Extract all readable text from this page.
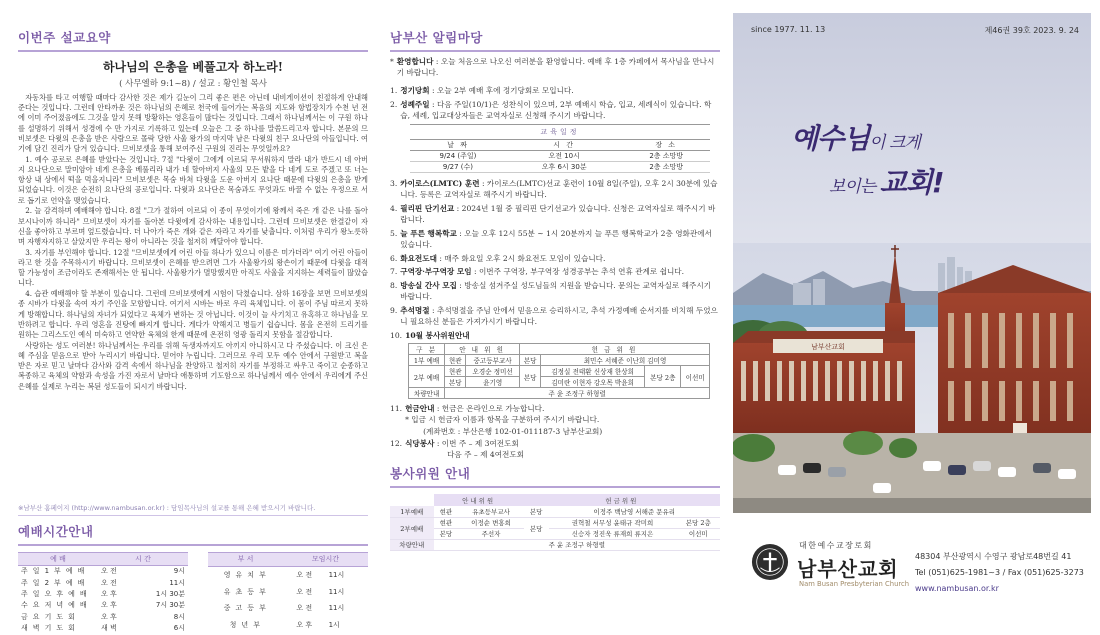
이번주 설교요약
하나님의 은총을 베풀고자 하노라!
( 사무엘하 9:1~8) / 설교 : 황인철 목사

자동차를 타고 여행할 때마다 감사한 것은 제가 길눈이 그리 좋은 편은 아닌데 내비게이션이 친절하게 안내해 준다는 것입니다. 그런데 안타까운 것은 하나님의 은혜로 천국에 들어가는 복음의 지도와 항법장치가 수천 년 전에 이미 주어졌음에도 그것을 알지 못해 방황하는 영혼들이 많다는 것입니다. 그래서 하나님께서는 이 구원 하나를 설명하기 위해서 성경에 수 만 가지로 기록하고 있는데 오늘은 그 중 하나를 말씀드리고자 합니다. 본문의 므비보셋은 다윗의 은총을 받은 사람으로 몰락 당한 사울 왕가의 마지막 남은 다윗의 친구 요나단의 아들입니다. 여기에 담긴 진리가 담겨 있습니다. 므비보셋을 통해 보여주신 구원의 진리는 무엇일까요?

1. 예수 공로로 은혜를 받았다는 것입니다. 7절 "다윗이 그에게 이르되 무서워하지 말라 내가 반드시 네 아버지 요나단으로 말미암아 네게 은총을 베풀리라 내가 네 할아버지 사울의 모든 밭을 다 네게 도로 주겠고 또 너는 항상 내 상에서 떡을 먹을지니라" 므비보셋은 목숨 바쳐 다윗을 도운 아버지 요나단 때문에 다윗의 은총을 받게 되었습니다. 이것은 순전히 요나단의 공로입니다. 다윗과 요나단은 목숨과도 무엇과도 바꿀 수 없는 우정으로 서로 돕기로 언약을 맺었습니다.

2. 늘 감격하며 예배해야 합니다. 8절 "그가 절하여 이르되 이 종이 무엇이기에 왕께서 죽은 개 같은 나를 돌아보시나이까 하니라" 므비보셋이 자기를 돌아본 다윗에게 감사하는 내용입니다. 그런데 므비보셋은 한결같이 자신을 좋아하고 부르며 엎드렸습니다. 더 나아가 죽은 개와 같은 자라고 자기를 낮춥니다. 이처럼 우리가 왕노릇하며 자행자지하고 살았지만 우리는 왕이 아니라는 것을 철저히 깨달아야 합니다.

3. 자기를 부인해야 합니다. 12절 "므비보셋에게 어린 아들 하나가 있으니 이름은 미가더라" 여기 어린 아들이라고 한 것을 주목하시기 바랍니다. 므비보셋이 은혜를 받으려면 그가 사울왕가의 왕손이기 때문에 다윗을 대적할 가능성이 조금이라도 존재해서는 안 됩니다. 사울왕가가 멸망했지만 아직도 사울을 지지하는 세력들이 많았습니다.

4. 습관 예배해야 할 부분이 있습니다. 그런데 므비보셋에게 시험이 닥쳤습니다. 삼하 16장을 보면 므비보셋의 종 시바가 다윗을 속여 자기 주인을 모함합니다. 여기서 시바는 바로 우리 육체입니다. 이 몸이 주님 따르지 못하게 방해합니다. 하나님의 자녀가 되었다고 육체가 변하는 것 아닙니다. 이것이 늘 사기치고 유혹하고 하나님을 모반하려고 합니다. 우리 영혼을 진탕에 빠지게 합니다. 게다가 약해지고 병들기 쉽습니다. 몸을 온전히 드리기를 원하는 그리스도인 예식 미숙하고 연약한 육체의 한계 때문에 온전히 영광 돌리지 못함을 절감합니다.

사랑하는 성도 여러분! 하나님께서는 우리를 위해 독생자까지도 아끼지 아니하시고 다 주셨습니다. 이 크신 은혜 주심을 믿음으로 받아 누리시기 바랍니다. 믿어야 누립니다. 그러므로 우리 모두 예수 안에서 구원받고 복을 받은 자로 믿고 날마다 감사와 감격 속에서 하나님을 찬양하고 철저히 자기를 부정하고 싸우고 죽이고 순종하고 복종하고 육체의 약함과 속성을 가진 자로서 날마다 애통하며 기도함으로 하나님께서 예수 안에서 우리에게 주신 은혜를 실제로 누리는 복된 성도들이 되시기 바랍니다.

※남부산 홈페이지 (http://www.nambusan.or.kr) : 담임목사님의 설교를 통해 은혜 받으시기 바랍니다.
예배시간안내
예 배	시 간	
주 일 1 부 예 배	오 전	9시
주 일 2 부 예 배	오 전	11시
주 일 오 후 예 배	오 후	1시 30분
수 요 저 녁 예 배	오 후	7시 30분
금 요 기 도 회	오 후	8시
새 벽 기 도 회	새 벽	6시
부 서	모임시간	
영 유 치 부	오 전	11시
유 초 등 부	오 전	11시
중 고 등 부	오 전	11시
청 년 부	오 후	1시
남부산 알림마당
* 환영합니다 : 오늘 처음으로 나오신 여러분을 환영합니다. 예배 후 1층 카페에서 목사님을 만나시기 바랍니다.
1. 정기당회 : 오늘 2부 예배 후에 정기당회로 모입니다.
2. 성례주일 : 다음 주일(10/1)은 성찬식이 있으며, 2부 예배시 학습, 입교, 세례식이 있습니다. 학습, 세례, 입교대상자들은 교역자실로 신청해 주시기 바랍니다.
교육일정
날 짜	시 간	장 소
9/24 (주일)	오전 10시	2층 소망방
9/27 (수)	오후 6시 30분	2층 소망방
3. 카이로스(LMTC) 훈련 : 카이로스(LMTC)선교 훈련이 10월 8일(주일), 오후 2시 30분에 있습니다. 등록은 교역자실로 해주시기 바랍니다.
4. 필리핀 단기선교 : 2024년 1월 중 필리핀 단기선교가 있습니다. 신청은 교역자실로 해주시기 바랍니다.
5. 늘 푸른 행복학교 : 오늘 오후 12시 55분 ~ 1시 20분까지 늘 푸른 행복학교가 2층 영화관에서 있습니다.
6. 화요전도대 : 매주 화요일 오후 2시 화요전도 모임이 있습니다.
7. 구역장·부구역장 모임 : 이번주 구역장, 부구역장 성경공부는 추석 연휴 관계로 쉽니다.
8. 방송실 간사 모집 : 방송실 섬겨주실 성도님들의 지원을 받습니다. 문의는 교역자실로 해주시기 바랍니다.
9. 추석명절 : 추석명절을 주님 안에서 믿음으로 승리하시고, 추석 가정예배 순서지를 비치해 두었으니 필요하신 분들은 가져가시기 바랍니다.
10. 10월 봉사위원안내
구 분	안 내 위 원		헌 금 위 원			
1부 예배	현관	중고등부교사	본당	최민수 서혜준 이난희 김미영		
2부 예배	현관	오경순 정미선	본당	김정실 전태환 신상재 한상희	본당 2층	이선미
	본당	윤기영		김미란 이현자 강오목 박윤희		
차량안내	주 윤 조정구 하형렬					
11. 헌금안내 : 헌금은 온라인으로 가능합니다.
* 입금 시 헌금자 이름과 항목을 구분하여 주시기 바랍니다.
(계좌번호 : 부산은행 102-01-011187-3 남부산교회)
12. 식당봉사 : 이번 주 – 제 3여전도회
다음 주 – 제 4여전도회
봉사위원 안내
	안내위원		헌금위원		
1부예배	현관	유초등부교사	본당	이정주 백남영 서해준 문유리	
2부예배	현관	이정순 변홍희	본당	권혁철 서무성 윤태규 곽미희	본당 2층
	본당	주선자		신승자 정진욱 류재희 류지은	이선미
차량안내	주 윤 조정구 하형렬				
since 1977. 11. 13	제46권 39호 2023. 9. 24
예수님이 크게
보이는 교회!
남부산교회
대한예수교장로회
남부산교회
Nam Busan Presbyterian Church
48304 부산광역시 수영구 광남로48번길 41
Tel (051)625-1981~3 / Fax (051)625-3273
www.nambusan.or.kr
